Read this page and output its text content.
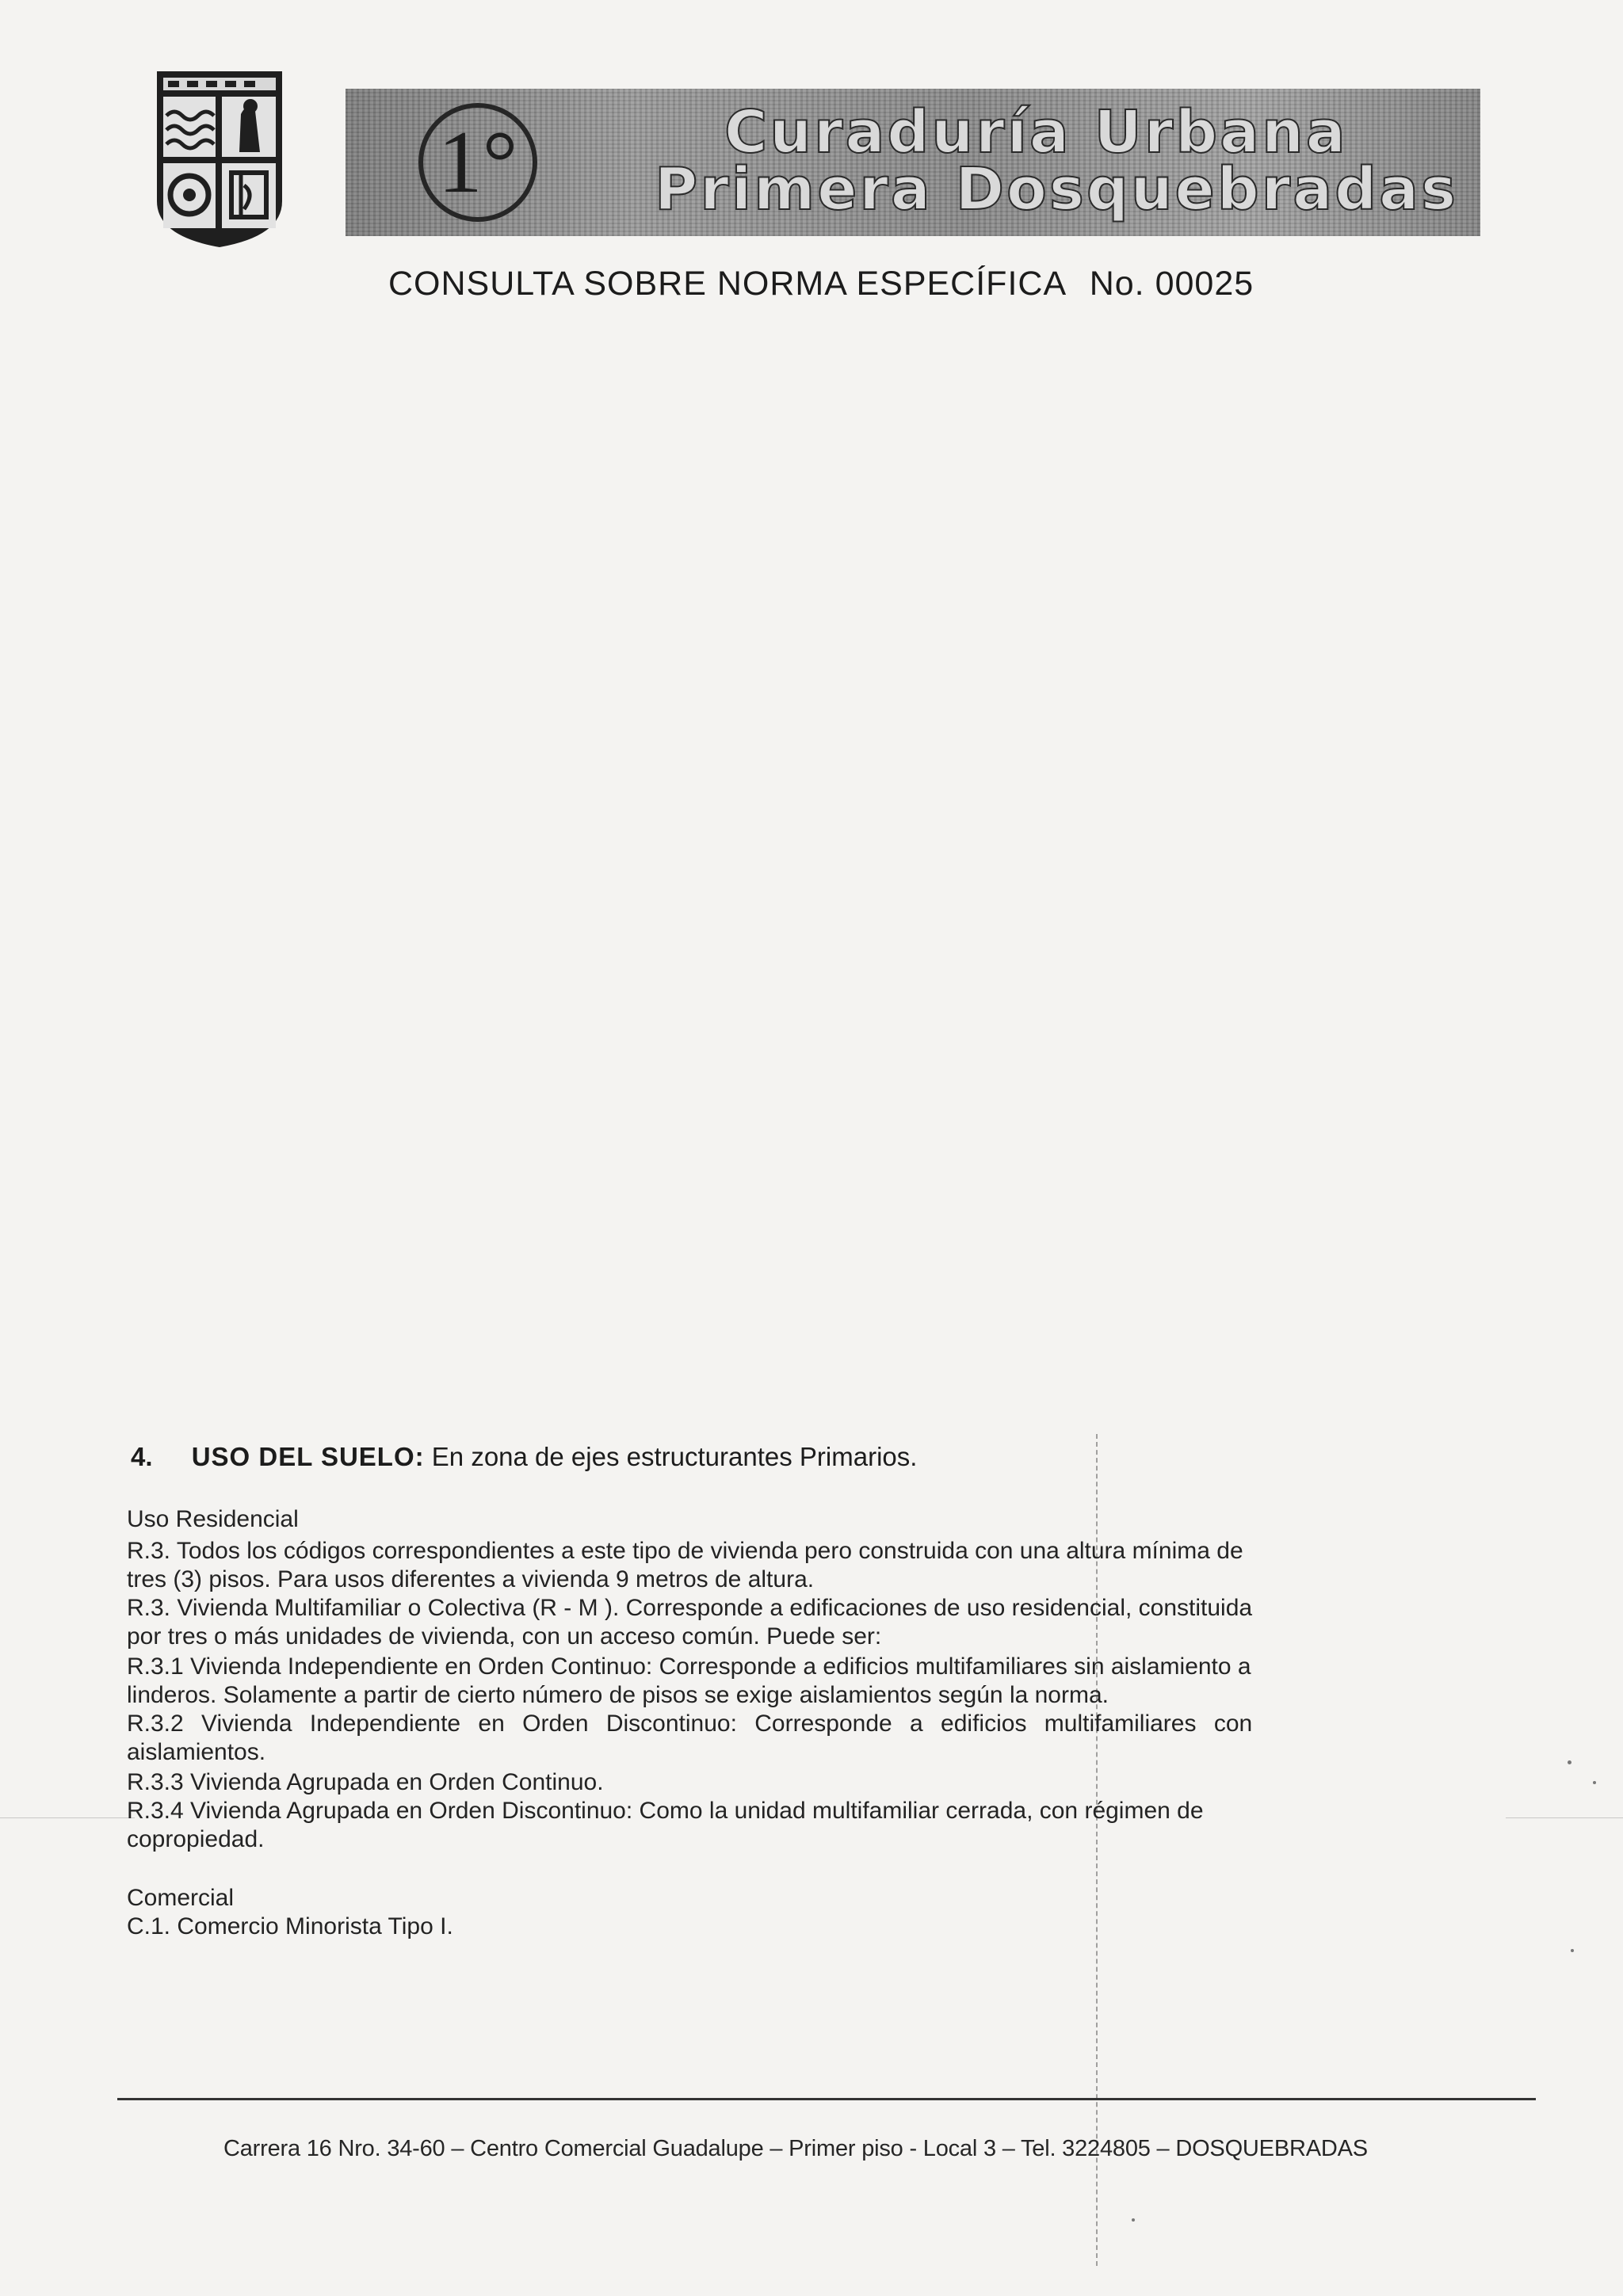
1°	Curaduría Urbana
Primera Dosquebradas
CONSULTA SOBRE NORMA ESPECÍFICA No. 00025
4. USO DEL SUELO: En zona de ejes estructurantes Primarios.
Uso Residencial
R.3. Todos los códigos correspondientes a este tipo de vivienda pero construida con una altura mínima de
tres (3) pisos. Para usos diferentes a vivienda 9 metros de altura.
R.3. Vivienda Multifamiliar o Colectiva (R - M ). Corresponde a edificaciones de uso residencial, constituida
por tres o más unidades de vivienda, con un acceso común. Puede ser:
R.3.1 Vivienda Independiente en Orden Continuo: Corresponde a edificios multifamiliares sin aislamiento a
linderos. Solamente a partir de cierto número de pisos se exige aislamientos según la norma.
R.3.2 Vivienda Independiente en Orden Discontinuo: Corresponde a edificios multifamiliares con
aislamientos.
R.3.3 Vivienda Agrupada en Orden Continuo.
R.3.4 Vivienda Agrupada en Orden Discontinuo: Como la unidad multifamiliar cerrada, con régimen de
copropiedad.
Comercial
C.1. Comercio Minorista Tipo I.
Carrera 16 Nro. 34-60 – Centro Comercial Guadalupe – Primer piso - Local 3 – Tel. 3224805 – DOSQUEBRADAS
